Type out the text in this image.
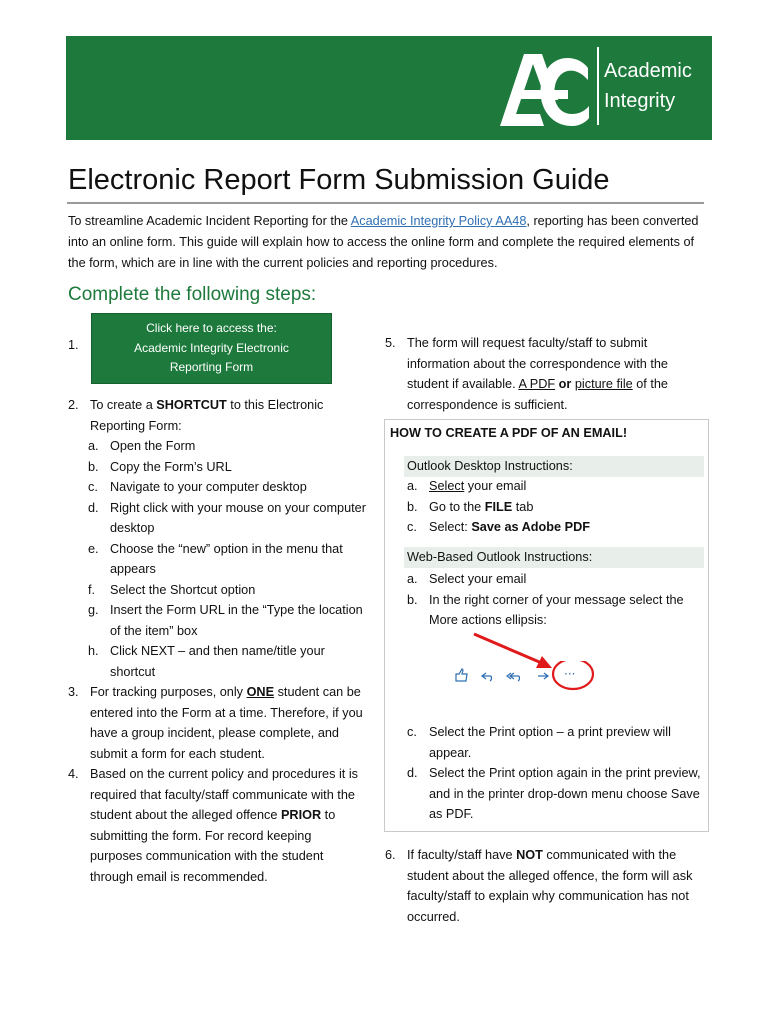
Academic
Integrity
Electronic Report Form Submission Guide

To streamline Academic Incident Reporting for the Academic Integrity Policy AA48, reporting has been converted into an online form. This guide will explain how to access the online form and complete the required elements of the form, which are in line with the current policies and reporting procedures.

Complete the following steps:
1.
Click here to access the:
Academic Integrity Electronic
Reporting Form
2. To create a SHORTCUT to this Electronic Reporting Form:
a. Open the Form
b. Copy the Form’s URL
c. Navigate to your computer desktop
d. Right click with your mouse on your computer desktop
e. Choose the “new” option in the menu that appears
f.	Select the Shortcut option
g. Insert the Form URL in the “Type the location of the item” box
h. Click NEXT – and then name/title your shortcut
3. For tracking purposes, only ONE student can be entered into the Form at a time. Therefore, if you have a group incident, please complete, and submit a form for each student.
4. Based on the current policy and procedures it is required that faculty/staff communicate with the student about the alleged offence PRIOR to submitting the form. For record keeping purposes communication with the student through email is recommended.
5. The form will request faculty/staff to submit information about the correspondence with the student if available. A PDF or picture file of the correspondence is sufficient.
HOW TO CREATE A PDF OF AN EMAIL!
Outlook Desktop Instructions:
a. Select your email
b. Go to the FILE tab
c. Select: Save as Adobe PDF
Web-Based Outlook Instructions:
a. Select your email
b. In the right corner of your message select the More actions ellipsis:
···
c. Select the Print option – a print preview will appear.
d. Select the Print option again in the print preview, and in the printer drop-down menu choose Save as PDF.
6. If faculty/staff have NOT communicated with the student about the alleged offence, the form will ask faculty/staff to explain why communication has not occurred.
